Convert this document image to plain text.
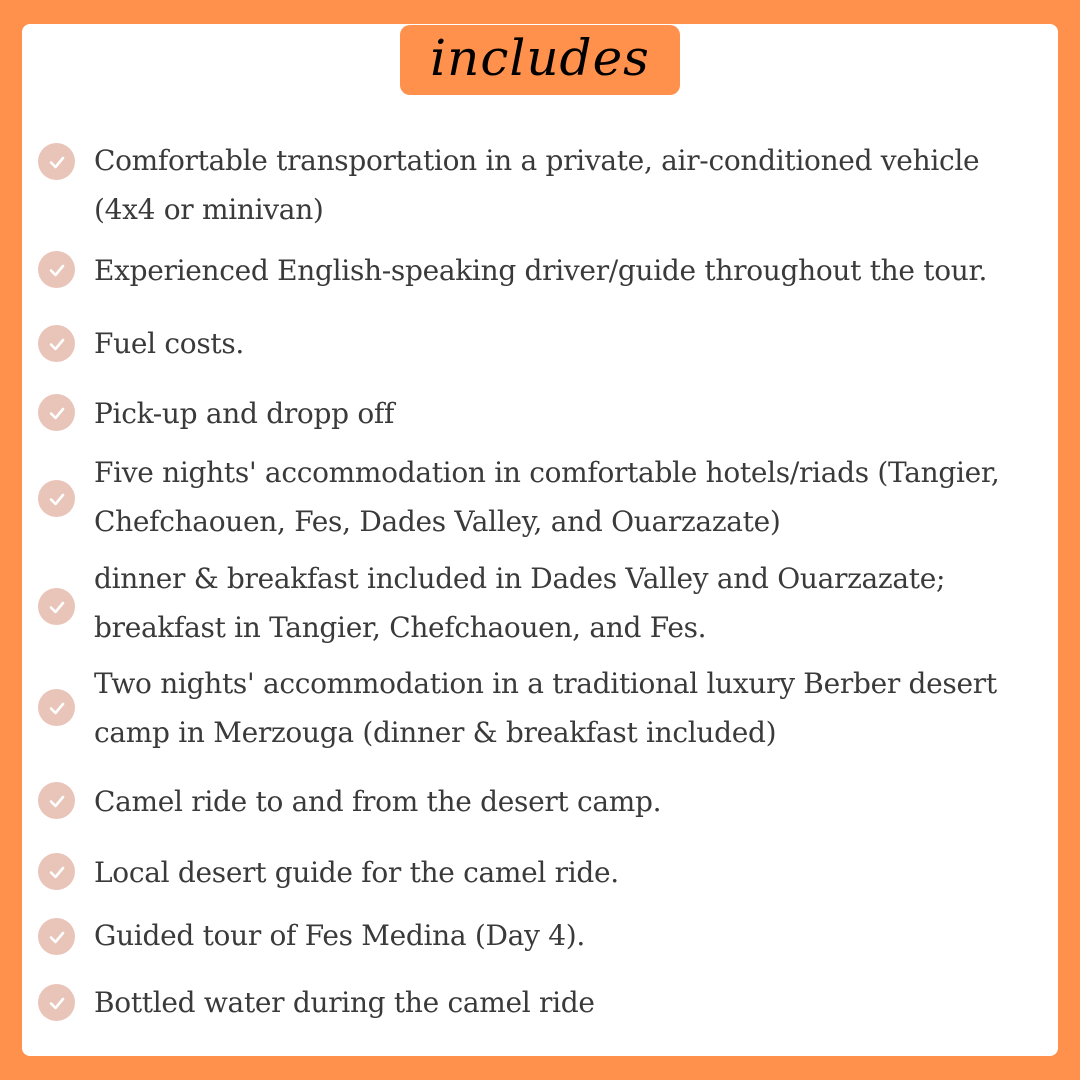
includes
Comfortable transportation in a private, air-conditioned vehicle
(4x4 or minivan)
Experienced English-speaking driver/guide throughout the tour.
Fuel costs.
Pick-up and dropp off
Five nights' accommodation in comfortable hotels/riads (Tangier,
Chefchaouen, Fes, Dades Valley, and Ouarzazate)
dinner & breakfast included in Dades Valley and Ouarzazate;
breakfast in Tangier, Chefchaouen, and Fes.
Two nights' accommodation in a traditional luxury Berber desert
camp in Merzouga (dinner & breakfast included)
Camel ride to and from the desert camp.
Local desert guide for the camel ride.
Guided tour of Fes Medina (Day 4).
Bottled water during the camel ride
